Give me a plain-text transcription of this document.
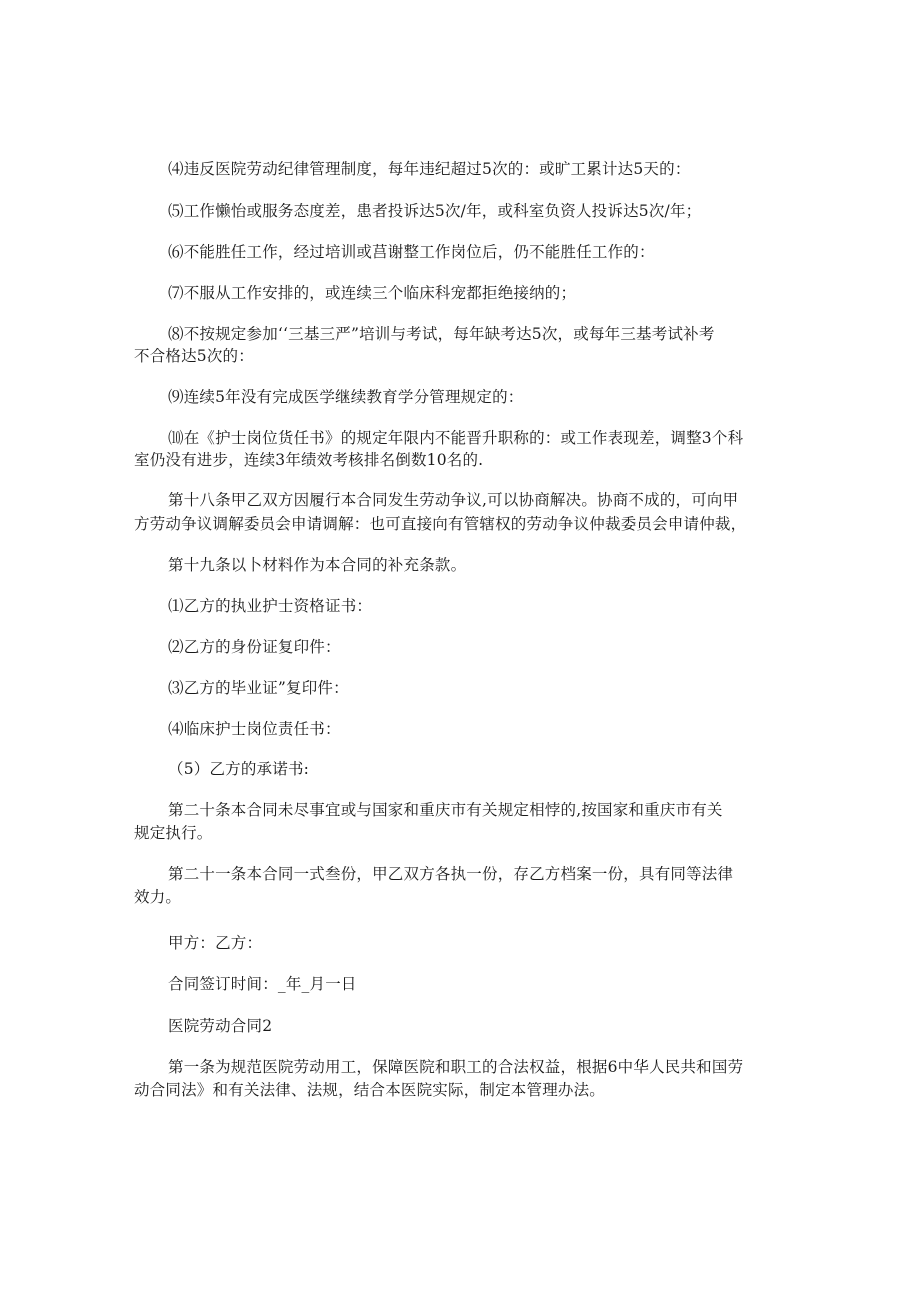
⑷违反医院劳动纪律管理制度，每年违纪超过5次的：或旷工累计达5天的：
⑸工作懒怡或服务态度差，患者投诉达5次/年，或科室负资人投诉达5次/年；
⑹不能胜任工作，经过培训或莒谢整工作岗位后，仍不能胜任工作的：
⑺不服从工作安排的，或连续三个临床科宠都拒绝接纳的；
⑻不按规定参加‘‘三基三严”培训与考试，每年缺考达5次，或每年三基考试补考
不合格达5次的：
⑼连续5年没有完成医学继续教育学分管理规定的：
⑽在《护士岗位货任书》的规定年限内不能晋升职称的：或工作表现差，调整3个科
室仍没有进步，连续3年绩效考核排名倒数10名的.
第十八条甲乙双方因履行本合同发生劳动争议,可以协商解决。协商不成的，可向甲
方劳动争议调解委员会申请调解：也可直接向有管辖权的劳动争议仲裁委员会申请仲裁，
第十九条以卜材料作为本合同的补充条款。
⑴乙方的执业护士资格证书：
⑵乙方的身份证复印件：
⑶乙方的毕业证”复印件：
⑷临床护士岗位责任书：
（5）乙方的承诺书:
第二十条本合同未尽事宜或与国家和重庆市有关规定相悖的,按国家和重庆市有关
规定执行。
第二十一条本合同一式叁份，甲乙双方各执一份，存乙方档案一份，具有同等法律
效力。
甲方：乙方：
合同签订时间：_年_月一日
医院劳动合同2
第一条为规范医院劳动用工，保障医院和职工的合法权益，根据6中华人民共和国劳
动合同法》和有关法律、法规，结合本医院实际，制定本管理办法。
